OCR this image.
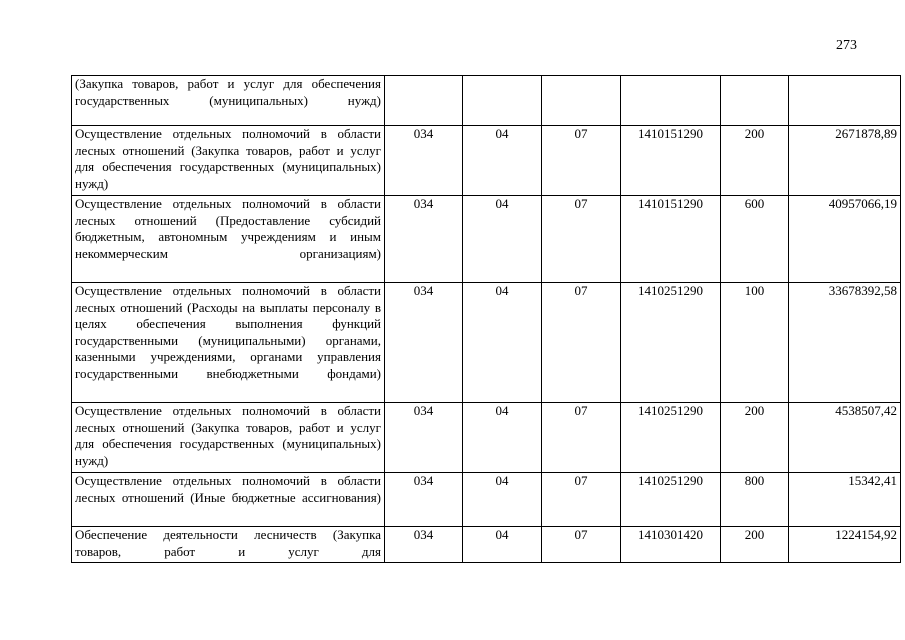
273
(Закупка товаров, работ и услуг для обеспечения государственных (муниципальных) нужд)						
Осуществление отдельных полномочий в области лесных отношений (Закупка товаров, работ и услуг для обеспечения государственных (муниципальных) нужд)	034	04	07	1410151290	200	2671878,89
Осуществление отдельных полномочий в области лесных отношений (Предоставление субсидий бюджетным, автономным учреждениям и иным некоммерческим организациям)	034	04	07	1410151290	600	40957066,19
Осуществление отдельных полномочий в области лесных отношений (Расходы на выплаты персоналу в целях обеспечения выполнения функций государственными (муниципальными) органами, казенными учреждениями, органами управления государственными внебюджетными фондами)	034	04	07	1410251290	100	33678392,58
Осуществление отдельных полномочий в области лесных отношений (Закупка товаров, работ и услуг для обеспечения государственных (муниципальных) нужд)	034	04	07	1410251290	200	4538507,42
Осуществление отдельных полномочий в области лесных отношений (Иные бюджетные ассигнования)	034	04	07	1410251290	800	15342,41
Обеспечение деятельности лесничеств (Закупка товаров, работ и услуг для	034	04	07	1410301420	200	1224154,92
